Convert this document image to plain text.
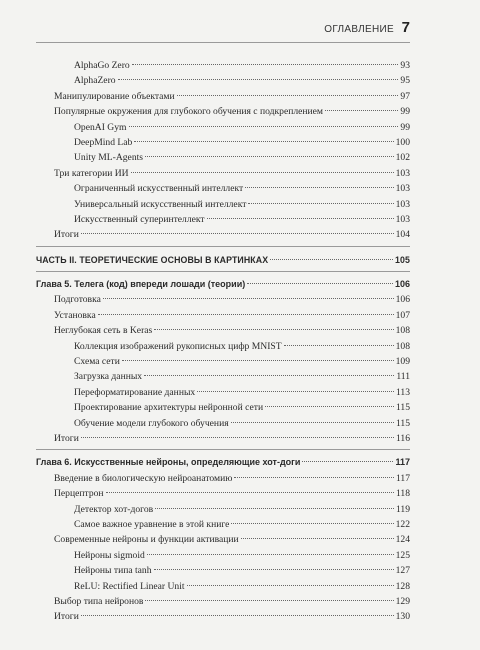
ОГЛАВЛЕНИЕ 7
AlphaGo Zero	93
AlphaZero	95
Манипулирование объектами	97
Популярные окружения для глубокого обучения с подкреплением	99
OpenAI Gym	99
DeepMind Lab	100
Unity ML-Agents	102
Три категории ИИ	103
Ограниченный искусственный интеллект	103
Универсальный искусственный интеллект	103
Искусственный суперинтеллект	103
Итоги	104
ЧАСТЬ II. ТЕОРЕТИЧЕСКИЕ ОСНОВЫ В КАРТИНКАХ	105
Глава 5. Телега (код) впереди лошади (теории)	106
Подготовка	106
Установка	107
Неглубокая сеть в Keras	108
Коллекция изображений рукописных цифр MNIST	108
Схема сети	109
Загрузка данных	111
Переформатирование данных	113
Проектирование архитектуры нейронной сети	115
Обучение модели глубокого обучения	115
Итоги	116
Глава 6. Искусственные нейроны, определяющие хот-доги	117
Введение в биологическую нейроанатомию	117
Перцептрон	118
Детектор хот-догов	119
Самое важное уравнение в этой книге	122
Современные нейроны и функции активации	124
Нейроны sigmoid	125
Нейроны типа tanh	127
ReLU: Rectified Linear Unit	128
Выбор типа нейронов	129
Итоги	130
